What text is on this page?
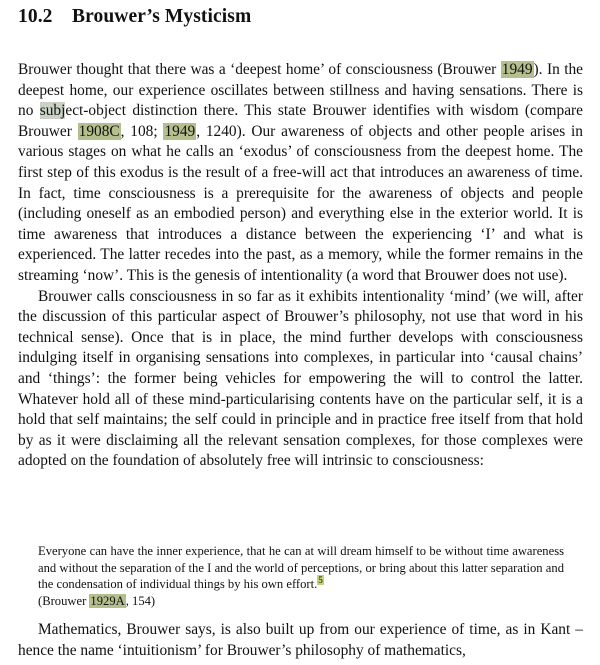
10.2 Brouwer’s Mysticism

Brouwer thought that there was a ‘deepest home’ of consciousness (Brouwer 1949). In the deepest home, our experience oscillates between stillness and having sensations. There is no subject-object distinction there. This state Brouwer identifies with wisdom (compare Brouwer 1908C, 108; 1949, 1240). Our awareness of objects and other people arises in various stages on what he calls an ‘exodus’ of consciousness from the deepest home. The first step of this exodus is the result of a free-will act that introduces an awareness of time. In fact, time consciousness is a prerequisite for the awareness of objects and people (including oneself as an embodied person) and everything else in the exterior world. It is time awareness that introduces a distance between the experiencing ‘I’ and what is experienced. The latter recedes into the past, as a memory, while the former remains in the streaming ‘now’. This is the genesis of intentionality (a word that Brouwer does not use).

Brouwer calls consciousness in so far as it exhibits intentionality ‘mind’ (we will, after the discussion of this particular aspect of Brouwer’s philosophy, not use that word in his technical sense). Once that is in place, the mind further develops with consciousness indulging itself in organising sensations into complexes, in particular into ‘causal chains’ and ‘things’: the former being vehicles for empowering the will to control the latter. Whatever hold all of these mind-particularising contents have on the particular self, it is a hold that self maintains; the self could in principle and in practice free itself from that hold by as it were disclaiming all the relevant sensation complexes, for those complexes were adopted on the foundation of absolutely free will intrinsic to consciousness:

Everyone can have the inner experience, that he can at will dream himself to be without time awareness and without the separation of the I and the world of perceptions, or bring about this latter separation and the condensation of individual things by his own effort.$^5$
(Brouwer 1929A, 154)
Mathematics, Brouwer says, is also built up from our experience of time, as in Kant – hence the name ‘intuitionism’ for Brouwer’s philosophy of mathematics,
